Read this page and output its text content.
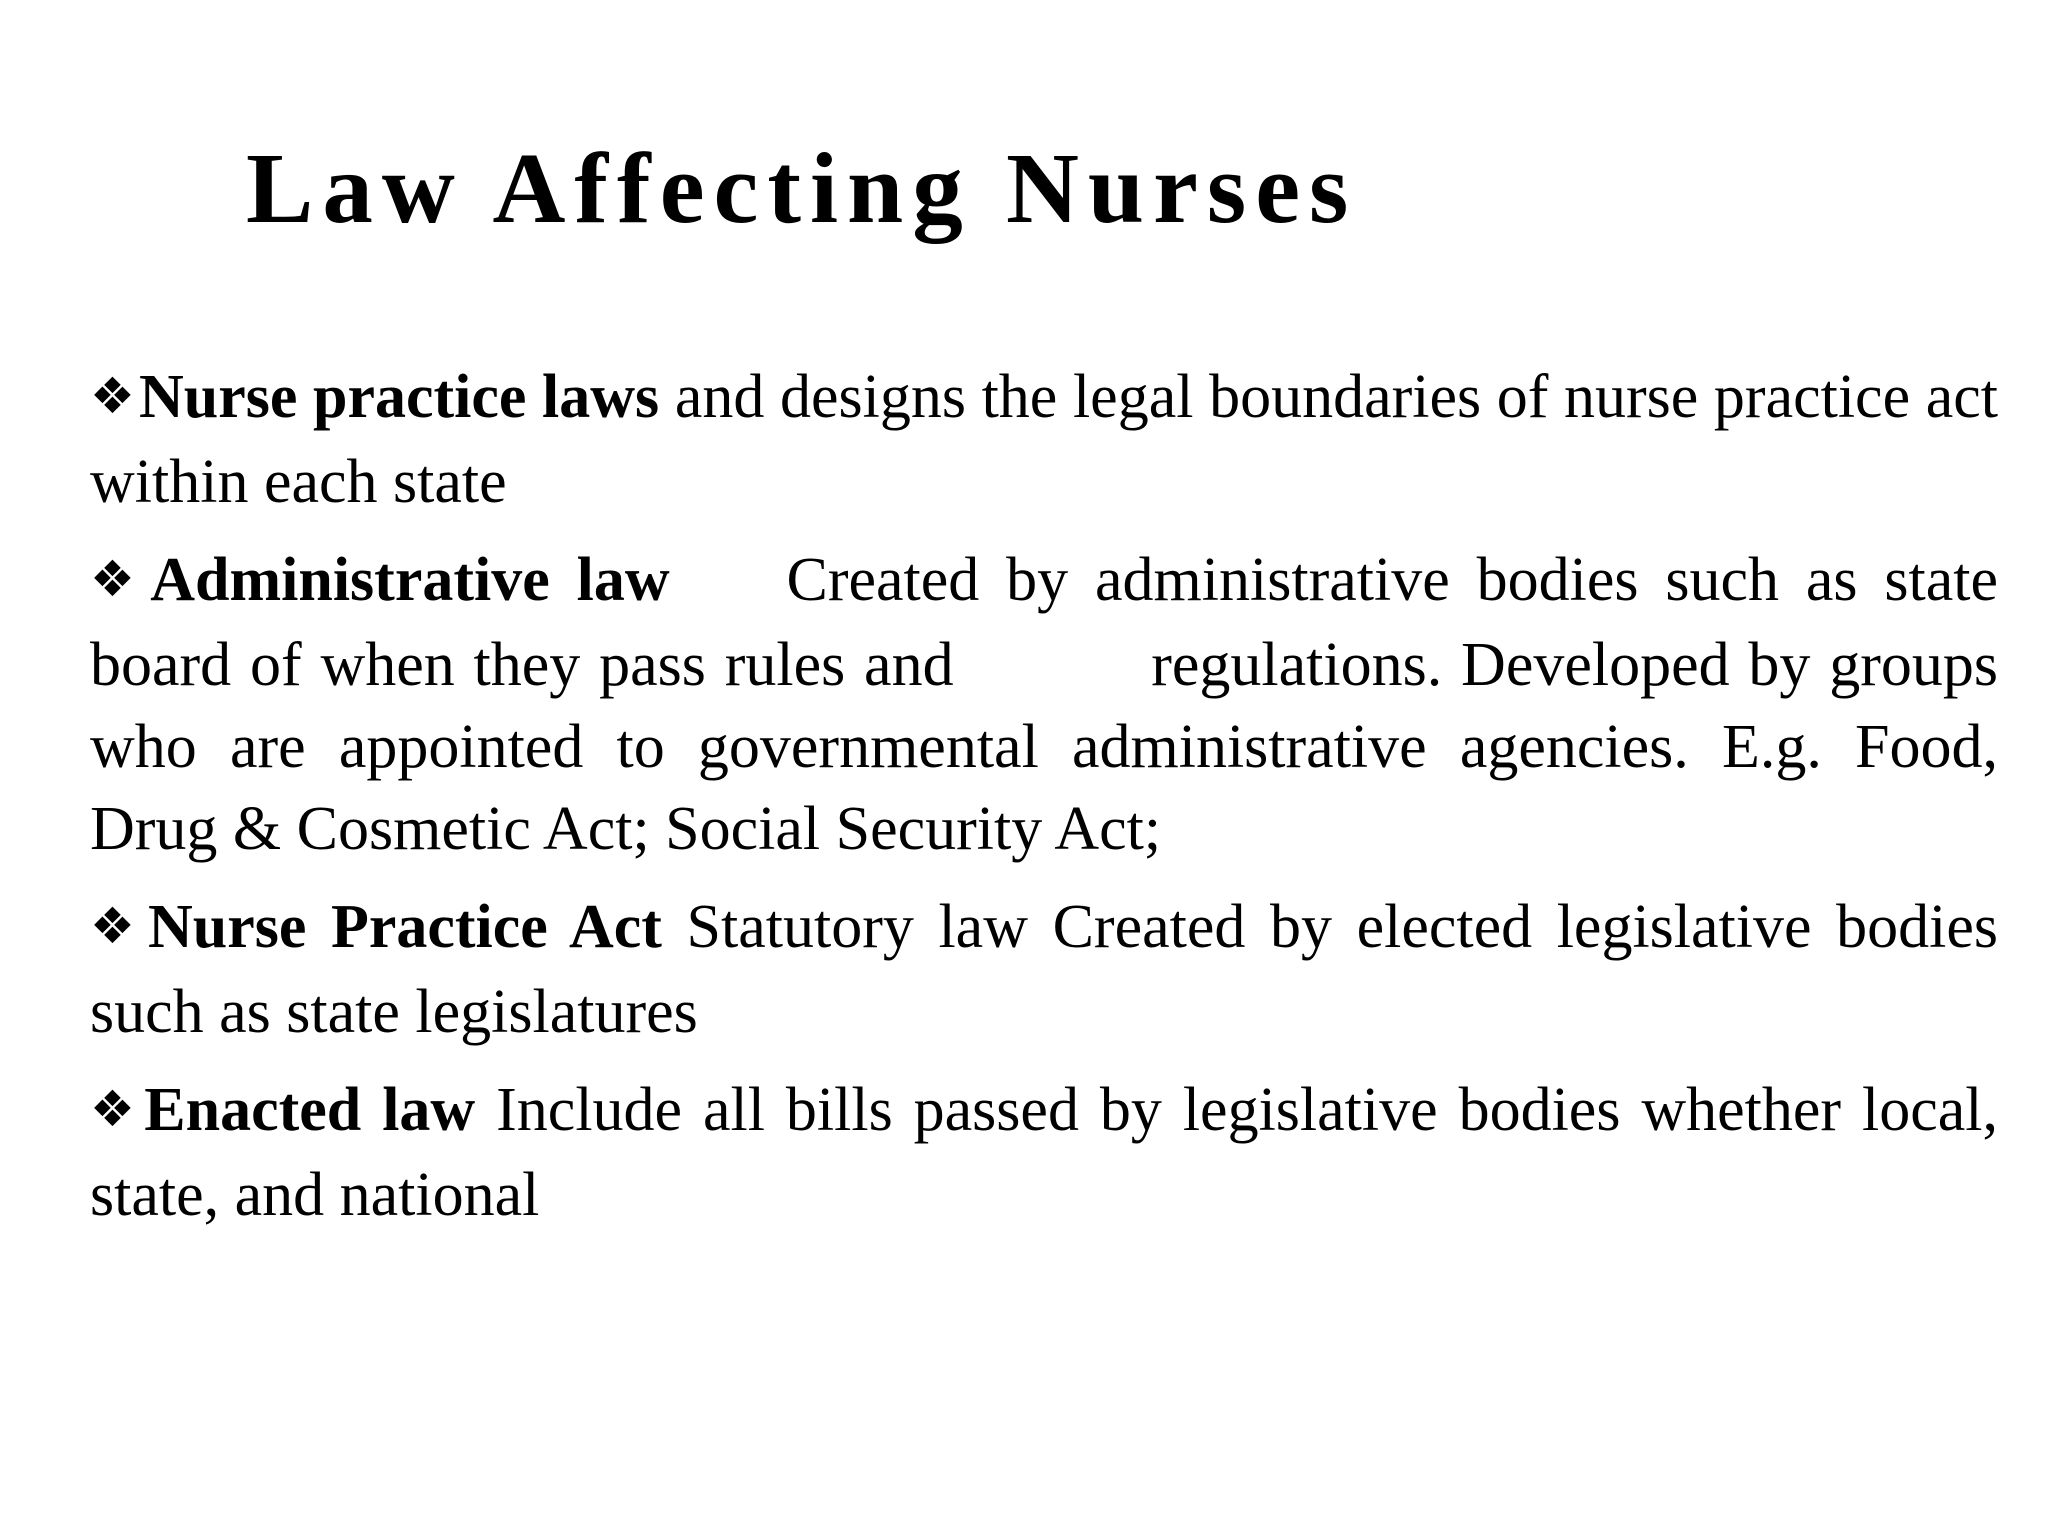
Law Affecting Nurses

❖Nurse practice laws and designs the legal boundaries of nurse practice act within each state

❖Administrative law Created by administrative bodies such as state board of when they pass rules and	regulations. Developed by groups who are appointed to governmental administrative agencies. E.g. Food, Drug & Cosmetic Act; Social Security Act;

❖Nurse Practice Act Statutory law Created by elected legislative bodies such as state legislatures

❖Enacted law Include all bills passed by legislative bodies whether local, state, and national
